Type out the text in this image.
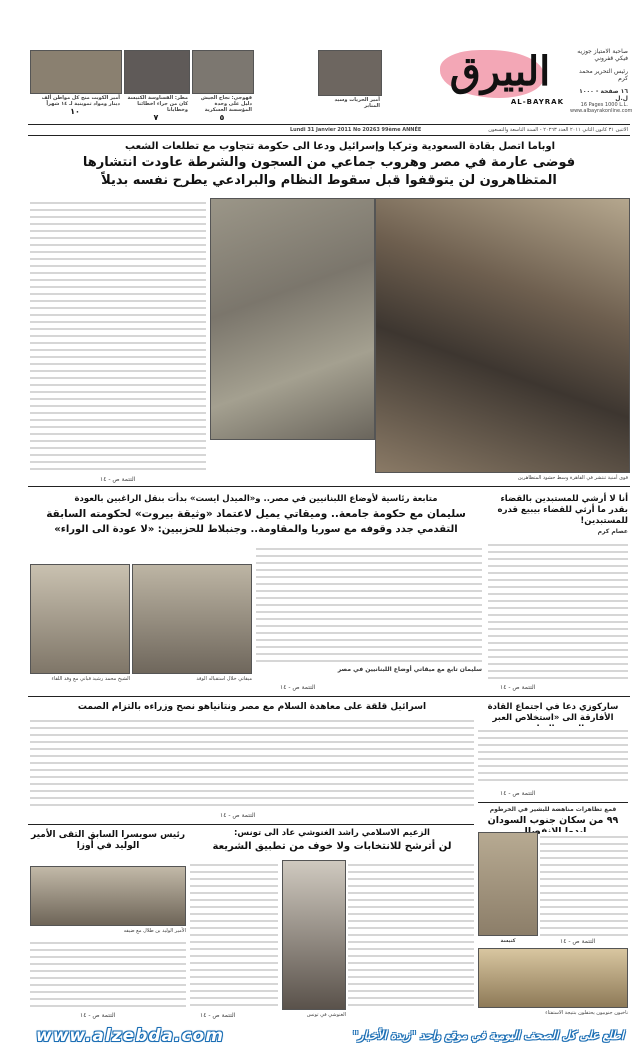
صاحبة الامتياز جوزيه فيكي قفروني
رئيس التحرير محمد كرم
١٦ صفحة - ١٠٠٠ ل.ل
16 Pages 1000 L.L.
www.albayrakonline.com
البيرق
AL-BAYRAK
أمير الحريات وسيد المنابر
قهوجي: نجاح الجيش دليل على وحدة المؤسسة العسكرية
٥
مطر: القساوسة الكنيسة كان من جراء اخطائنا وخطايانا
٧
أمير الكويت منح كل مواطن ألف دينار ومواد تموينية لـ ١٤ شهراً
١٠
الاثنين ٣١ كانون الثاني ٢٠١١ العدد ٢٠٢٦٣ - السنة التاسعة والتسعون
Lundi 31 Janvier 2011 No 20263 99ème ANNÉE
اوباما اتصل بقادة السعودية وتركيا وإسرائيل ودعا الى حكومة تتجاوب مع تطلعات الشعب
فوضى عارمة في مصر وهروب جماعي من السجون والشرطة عاودت انتشارها
المتظاهرون لن يتوقفوا قبل سقوط النظام والبرادعي يطرح نفسه بديلاً
التتمة ص - ١٤	قوى أمنية تنتشر في القاهرة وسط حشود المتظاهرين
أنا لا أرشي للمستبدين بالقضاء بقدر ما أرثي للقضاء بيبيع قدره للمستبدين!
عصام كرم
التتمة ص - ١٤
متابعة رئاسية لأوضاع اللبنانيين في مصر.. و«الميدل ايست» بدأت بنقل الراغبين بالعودة
سليمان مع حكومة جامعة.. وميقاتي يميل لاعتماد «وثيقة بيروت» لحكومته السابقة
التقدمي جدد وقوفه مع سوريا والمقاومة.. وجنبلاط للحزبيين: «لا عودة الى الوراء»
الشيخ محمد رشيد قباني مع وفد اللقاء	ميقاتي خلال استقباله الوفد
سليمان تابع مع ميقاتي أوضاع اللبنانيين في مصر
التتمة ص - ١٤
ساركوزي دعا في اجتماع القادة الأفارقة الى «استخلاص العبر
التتمة ص - ١٤
قمع تظاهرات مناهضة للبشير في الخرطوم
٩٩ من سكان جنوب السودان
كنيسة
ناخبون جنوبيون يحتفلون بنتيجة الاستفتاء
التتمة ص - ١٤
اسرائيل قلقة على معاهدة السلام مع مصر ونتانياهو نصح وزراءه بالتزام الصمت
التتمة ص - ١٤
الزعيم الاسلامي راشد الغنوشي عاد الى تونس:
لن أترشح للانتخابات ولا خوف من تطبيق الشريعة
الغنوشي في تونس
التتمة ص - ١٤
رئيس سويسرا السابق التقى الأمير الوليد في أوزا
الأمير الوليد بن طلال مع ضيفه
التتمة ص - ١٤
www.alzebda.com	اطلع على كل الصحف اليومية في موقع واحد "زبدة الأخبار"
